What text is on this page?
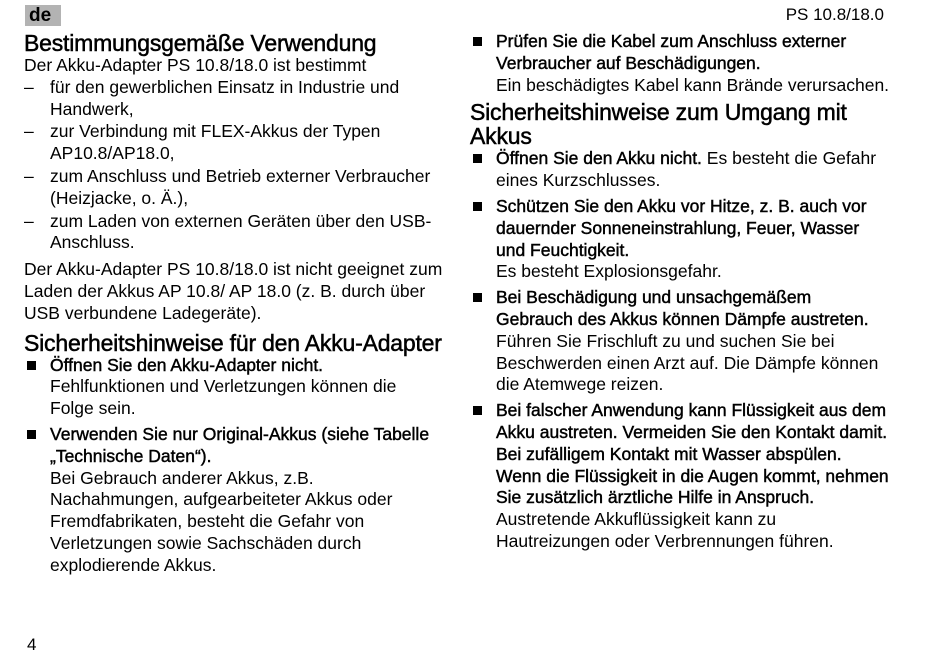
de	PS 10.8/18.0
Bestimmungsgemäße Verwendung

Der Akku-Adapter PS 10.8/18.0 ist bestimmt

– für den gewerblichen Einsatz in Industrie und Handwerk,
– zur Verbindung mit FLEX-Akkus der Typen AP10.8/AP18.0,
– zum Anschluss und Betrieb externer Verbraucher (Heizjacke, o. Ä.),
– zum Laden von externen Geräten über den USB-Anschluss.

Der Akku-Adapter PS 10.8/18.0 ist nicht geeignet zum Laden der Akkus AP 10.8/ AP 18.0 (z. B. durch über USB verbundene Ladegeräte).

Sicherheitshinweise für den Akku-Adapter
Öffnen Sie den Akku-Adapter nicht.
Fehlfunktionen und Verletzungen können die Folge sein.
Verwenden Sie nur Original-Akkus (siehe Tabelle „Technische Daten“).
Bei Gebrauch anderer Akkus, z.B. Nachahmungen, aufgearbeiteter Akkus oder Fremdfabrikaten, besteht die Gefahr von Verletzungen sowie Sachschäden durch explodierende Akkus.
Prüfen Sie die Kabel zum Anschluss externer Verbraucher auf Beschädigungen.
Ein beschädigtes Kabel kann Brände verursachen.
Sicherheitshinweise zum Umgang mit Akkus
Öffnen Sie den Akku nicht. Es besteht die Gefahr eines Kurzschlusses.
Schützen Sie den Akku vor Hitze, z. B. auch vor dauernder Sonneneinstrahlung, Feuer, Wasser und Feuchtigkeit.
Es besteht Explosionsgefahr.
Bei Beschädigung und unsachgemäßem Gebrauch des Akkus können Dämpfe austreten. Führen Sie Frischluft zu und suchen Sie bei Beschwerden einen Arzt auf. Die Dämpfe können die Atemwege reizen.
Bei falscher Anwendung kann Flüssigkeit aus dem Akku austreten. Vermeiden Sie den Kontakt damit. Bei zufälligem Kontakt mit Wasser abspülen. Wenn die Flüssigkeit in die Augen kommt, nehmen Sie zusätzlich ärztliche Hilfe in Anspruch.
Austretende Akkuflüssigkeit kann zu Hautreizungen oder Verbrennungen führen.
4
